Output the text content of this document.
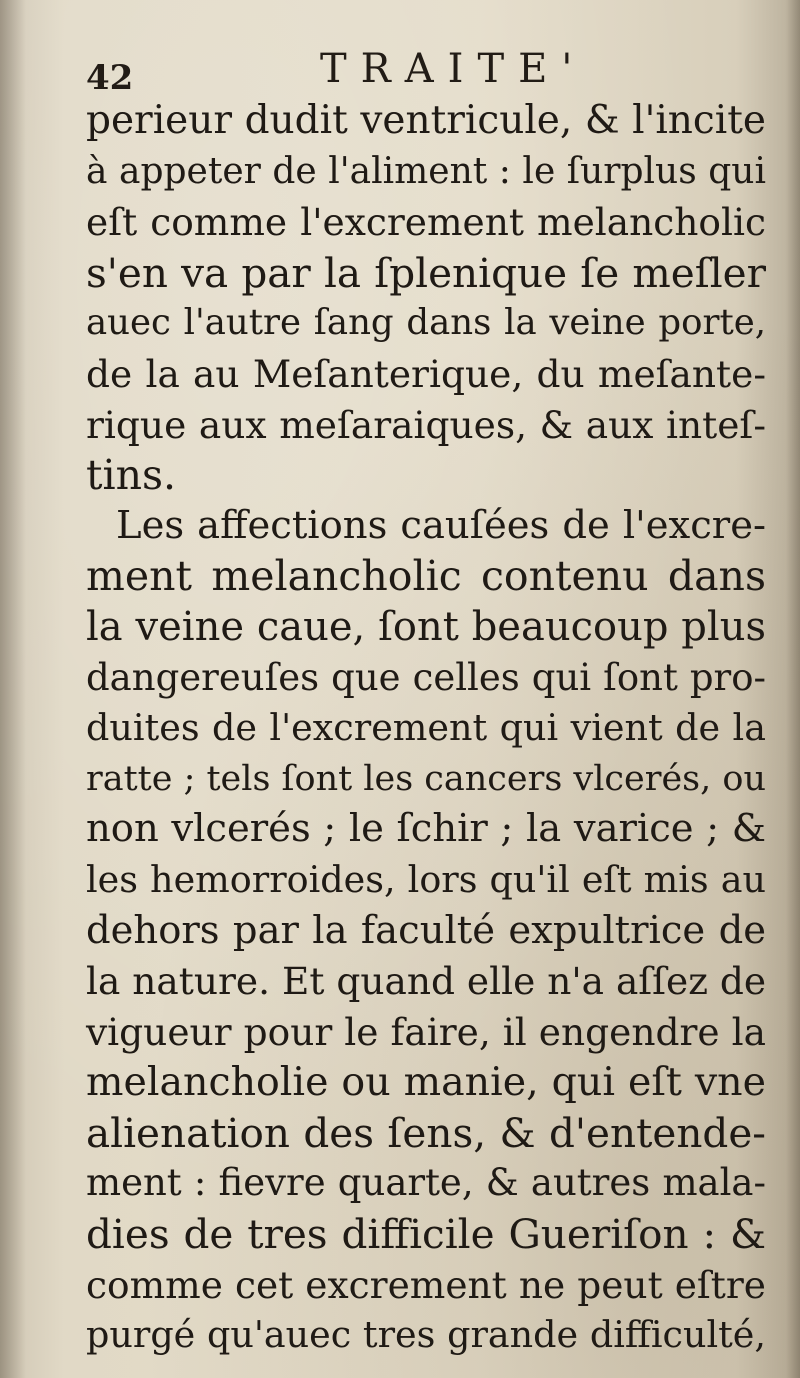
42	TRAITE'
perieur dudit ventricule, & l'incite
à appeter de l'aliment : le ſurplus qui
eſt comme l'excrement melancholic
s'en va par la ſplenique ſe meſler
auec l'autre ſang dans la veine porte,
de la au Meſanterique, du meſante-
rique aux meſaraiques, & aux inteſ-
tins.
Les affections cauſées de l'excre-
ment melancholic contenu dans
la veine caue, ſont beaucoup plus
dangereuſes que celles qui ſont pro-
duites de l'excrement qui vient de la
ratte ; tels ſont les cancers vlcerés, ou
non vlcerés ; le ſchir ; la varice ; &
les hemorroides, lors qu'il eſt mis au
dehors par la faculté expultrice de
la nature. Et quand elle n'a aſſez de
vigueur pour le faire, il engendre la
melancholie ou manie, qui eſt vne
alienation des ſens, & d'entende-
ment : fievre quarte, & autres mala-
dies de tres difficile Gueriſon : &
comme cet excrement ne peut eſtre
purgé qu'auec tres grande difficulté,
